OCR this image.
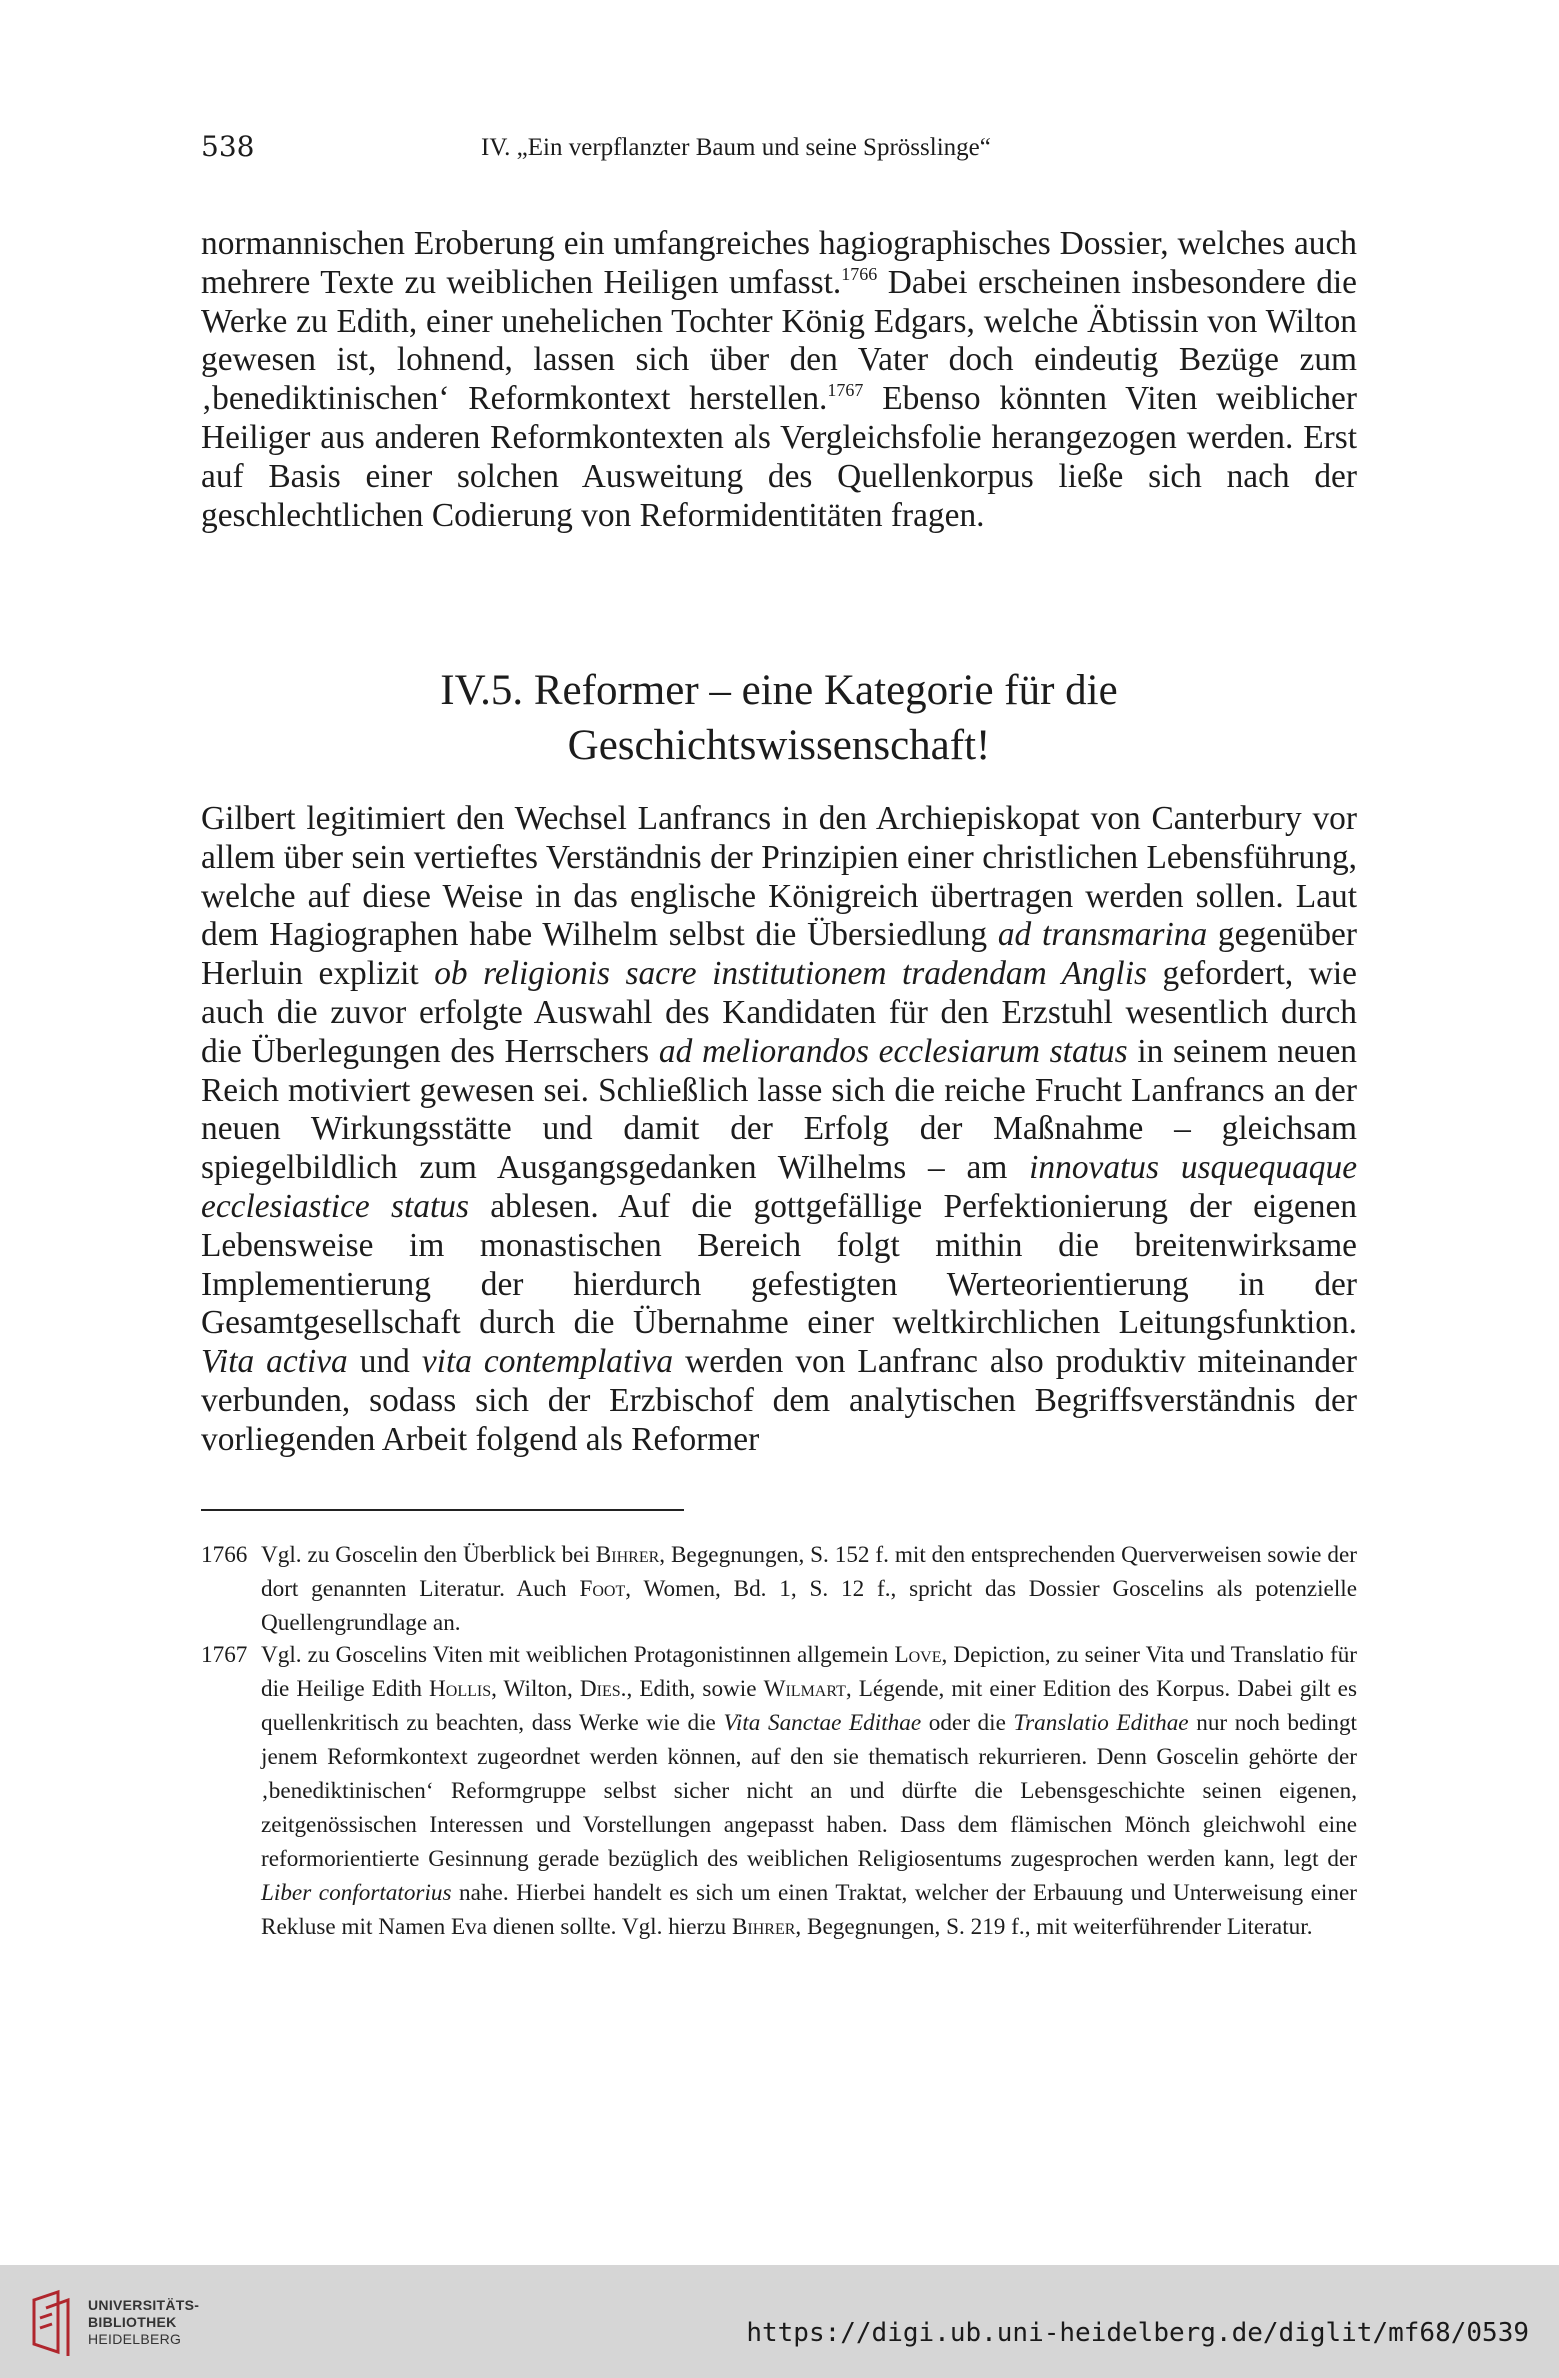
538	IV. „Ein verpflanzter Baum und seine Sprösslinge“

normannischen Eroberung ein umfangreiches hagiographisches Dossier, welches auch mehrere Texte zu weiblichen Heiligen umfasst.$^{1766}$ Dabei erscheinen insbesondere die Werke zu Edith, einer unehelichen Tochter König Edgars, welche Äbtissin von Wilton gewesen ist, lohnend, lassen sich über den Vater doch eindeutig Bezüge zum ‚benediktinischen‘ Reformkontext herstellen.$^{1767}$ Ebenso könnten Viten weiblicher Heiliger aus anderen Reformkontexten als Vergleichsfolie herangezogen werden. Erst auf Basis einer solchen Ausweitung des Quellenkorpus ließe sich nach der geschlechtlichen Codierung von Reformidentitäten fragen.

IV.5. Reformer – eine Kategorie für die
Geschichtswissenschaft!

Gilbert legitimiert den Wechsel Lanfrancs in den Archiepiskopat von Canterbury vor allem über sein vertieftes Verständnis der Prinzipien einer christlichen Lebensführung, welche auf diese Weise in das englische Königreich übertragen werden sollen. Laut dem Hagiographen habe Wilhelm selbst die Übersiedlung ad transmarina gegenüber Herluin explizit ob religionis sacre institutionem tradendam Anglis gefordert, wie auch die zuvor erfolgte Auswahl des Kandidaten für den Erzstuhl wesentlich durch die Überlegungen des Herrschers ad meliorandos ecclesiarum status in seinem neuen Reich motiviert gewesen sei. Schließlich lasse sich die reiche Frucht Lanfrancs an der neuen Wirkungsstätte und damit der Erfolg der Maßnahme – gleichsam spiegelbildlich zum Ausgangsgedanken Wilhelms – am innovatus usquequaque ecclesiastice status ablesen. Auf die gottgefällige Perfektionierung der eigenen Lebensweise im monastischen Bereich folgt mithin die breitenwirksame Implementierung der hierdurch gefestigten Werteorientierung in der Gesamtgesellschaft durch die Übernahme einer weltkirchlichen Leitungsfunktion. Vita activa und vita contemplativa werden von Lanfranc also produktiv miteinander verbunden, sodass sich der Erzbischof dem analytischen Begriffsverständnis der vorliegenden Arbeit folgend als Reformer

1766 Vgl. zu Goscelin den Überblick bei Bihrer, Begegnungen, S. 152 f. mit den entsprechenden Querverweisen sowie der dort genannten Literatur. Auch Foot, Women, Bd. 1, S. 12 f., spricht das Dossier Goscelins als potenzielle Quellengrundlage an.
1767 Vgl. zu Goscelins Viten mit weiblichen Protagonistinnen allgemein Love, Depiction, zu seiner Vita und Translatio für die Heilige Edith Hollis, Wilton, Dies., Edith, sowie Wilmart, Légende, mit einer Edition des Korpus. Dabei gilt es quellenkritisch zu beachten, dass Werke wie die Vita Sanctae Edithae oder die Translatio Edithae nur noch bedingt jenem Reformkontext zugeordnet werden können, auf den sie thematisch rekurrieren. Denn Goscelin gehörte der ‚benediktinischen‘ Reformgruppe selbst sicher nicht an und dürfte die Lebensgeschichte seinen eigenen, zeitgenössischen Interessen und Vorstellungen angepasst haben. Dass dem flämischen Mönch gleichwohl eine reformorientierte Gesinnung gerade bezüglich des weiblichen Religiosentums zugesprochen werden kann, legt der Liber confortatorius nahe. Hierbei handelt es sich um einen Traktat, welcher der Erbauung und Unterweisung einer Rekluse mit Namen Eva dienen sollte. Vgl. hierzu Bihrer, Begegnungen, S. 219 f., mit weiterführender Literatur.
UNIVERSITÄTS-
BIBLIOTHEK
HEIDELBERG	https://digi.ub.uni-heidelberg.de/diglit/mf68/0539
